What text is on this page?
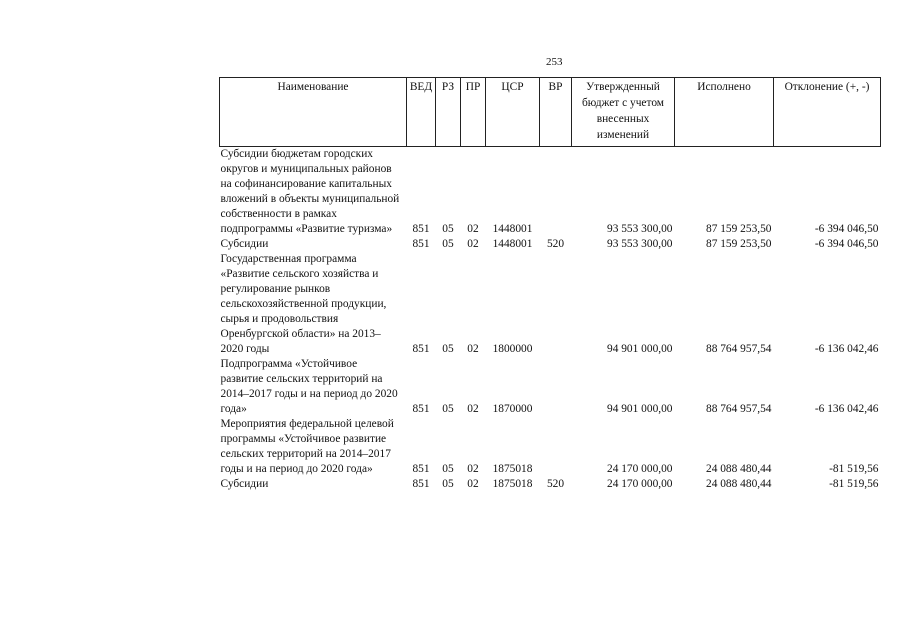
253
Наименование	ВЕД	РЗ	ПР	ЦСР	ВР	Утвержденный бюджет с учетом внесенных изменений	Исполнено	Отклонение (+, -)
Субсидии бюджетам городских округов и муниципальных районов на софинансирование капитальных вложений в объекты муниципальной собственности в рамках подпрограммы «Развитие туризма»	851	05	02	1448001		93 553 300,00	87 159 253,50	-6 394 046,50
Субсидии	851	05	02	1448001	520	93 553 300,00	87 159 253,50	-6 394 046,50
Государственная программа «Развитие сельского хозяйства и регулирование рынков сельскохозяйственной продукции, сырья и продовольствия Оренбургской области» на 2013–2020 годы	851	05	02	1800000		94 901 000,00	88 764 957,54	-6 136 042,46
Подпрограмма «Устойчивое развитие сельских территорий на 2014–2017 годы и на период до 2020 года»	851	05	02	1870000		94 901 000,00	88 764 957,54	-6 136 042,46
Мероприятия федеральной целевой программы «Устойчивое развитие сельских территорий на 2014–2017 годы и на период до 2020 года»	851	05	02	1875018		24 170 000,00	24 088 480,44	-81 519,56
Субсидии	851	05	02	1875018	520	24 170 000,00	24 088 480,44	-81 519,56
